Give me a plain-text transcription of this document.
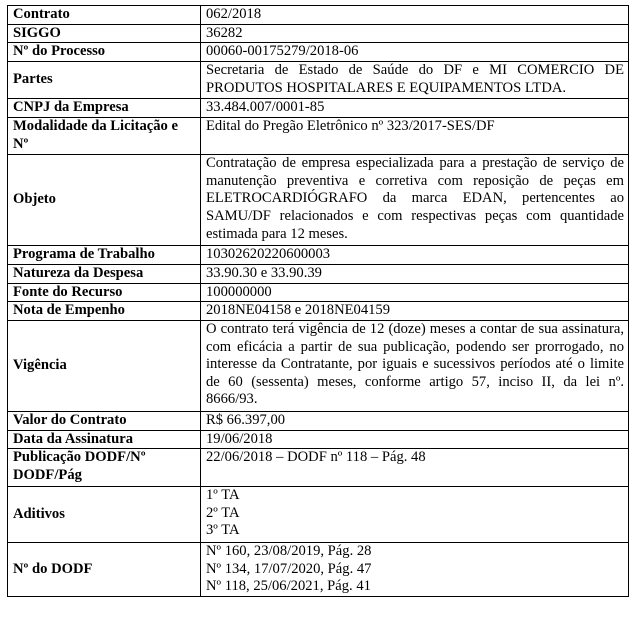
Contrato	062/2018
SIGGO	36282
Nº do Processo	00060-00175279/2018-06
Partes	Secretaria de Estado de Saúde do DF e MI COMERCIO DE PRODUTOS HOSPITALARES E EQUIPAMENTOS LTDA.
CNPJ da Empresa	33.484.007/0001-85
Modalidade da Licitação e Nº	Edital do Pregão Eletrônico nº 323/2017-SES/DF
Objeto	Contratação de empresa especializada para a prestação de serviço de manutenção preventiva e corretiva com reposição de peças em ELETROCARDIÓGRAFO da marca EDAN, pertencentes ao SAMU/DF relacionados e com respectivas peças com quantidade estimada para 12 meses.
Programa de Trabalho	10302620220600003
Natureza da Despesa	33.90.30 e 33.90.39
Fonte do Recurso	100000000
Nota de Empenho	2018NE04158 e 2018NE04159
Vigência	O contrato terá vigência de 12 (doze) meses a contar de sua assinatura, com eficácia a partir de sua publicação, podendo ser prorrogado, no interesse da Contratante, por iguais e sucessivos períodos até o limite de 60 (sessenta) meses, conforme artigo 57, inciso II, da lei nº. 8666/93.
Valor do Contrato	R$ 66.397,00
Data da Assinatura	19/06/2018
Publicação DODF/Nº DODF/Pág	22/06/2018 – DODF nº 118 – Pág. 48
Aditivos	1º TA
2º TA
3º TA

Nº do DODF	Nº 160, 23/08/2019, Pág. 28
Nº 134, 17/07/2020, Pág. 47
Nº 118, 25/06/2021, Pág. 41
